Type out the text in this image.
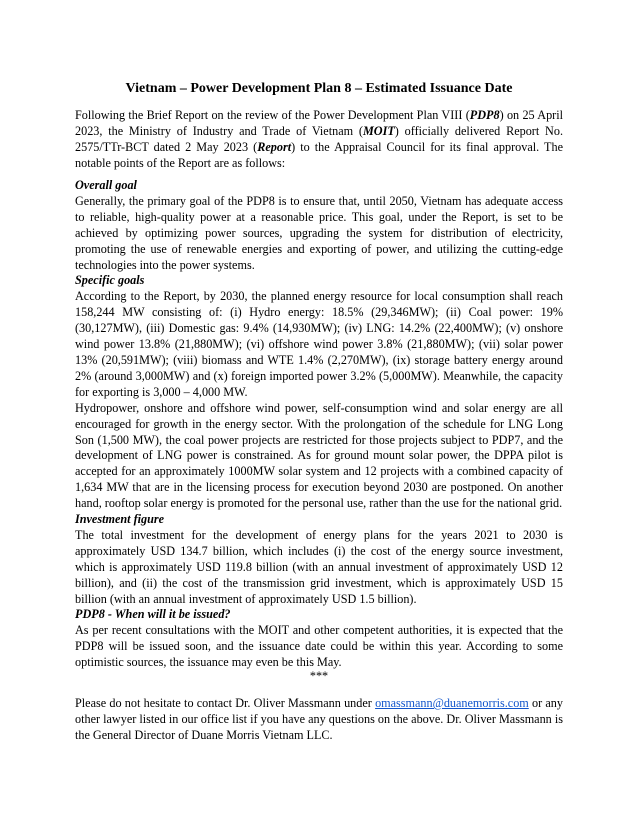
Vietnam – Power Development Plan 8 – Estimated Issuance Date

Following the Brief Report on the review of the Power Development Plan VIII (PDP8) on 25 April 2023, the Ministry of Industry and Trade of Vietnam (MOIT) officially delivered Report No. 2575/TTr-BCT dated 2 May 2023 (Report) to the Appraisal Council for its final approval. The notable points of the Report are as follows:

Overall goal

Generally, the primary goal of the PDP8 is to ensure that, until 2050, Vietnam has adequate access to reliable, high-quality power at a reasonable price. This goal, under the Report, is set to be achieved by optimizing power sources, upgrading the system for distribution of electricity, promoting the use of renewable energies and exporting of power, and utilizing the cutting-edge technologies into the power systems.

Specific goals

According to the Report, by 2030, the planned energy resource for local consumption shall reach 158,244 MW consisting of: (i) Hydro energy: 18.5% (29,346MW); (ii) Coal power: 19% (30,127MW), (iii) Domestic gas: 9.4% (14,930MW); (iv) LNG: 14.2% (22,400MW); (v) onshore wind power 13.8% (21,880MW); (vi) offshore wind power 3.8% (21,880MW); (vii) solar power 13% (20,591MW); (viii) biomass and WTE 1.4% (2,270MW), (ix) storage battery energy around 2% (around 3,000MW) and (x) foreign imported power 3.2% (5,000MW). Meanwhile, the capacity for exporting is 3,000 – 4,000 MW.

Hydropower, onshore and offshore wind power, self-consumption wind and solar energy are all encouraged for growth in the energy sector. With the prolongation of the schedule for LNG Long Son (1,500 MW), the coal power projects are restricted for those projects subject to PDP7, and the development of LNG power is constrained. As for ground mount solar power, the DPPA pilot is accepted for an approximately 1000MW solar system and 12 projects with a combined capacity of 1,634 MW that are in the licensing process for execution beyond 2030 are postponed. On another hand, rooftop solar energy is promoted for the personal use, rather than the use for the national grid.

Investment figure

The total investment for the development of energy plans for the years 2021 to 2030 is approximately USD 134.7 billion, which includes (i) the cost of the energy source investment, which is approximately USD 119.8 billion (with an annual investment of approximately USD 12 billion), and (ii) the cost of the transmission grid investment, which is approximately USD 15 billion (with an annual investment of approximately USD 1.5 billion).

PDP8 - When will it be issued?

As per recent consultations with the MOIT and other competent authorities, it is expected that the PDP8 will be issued soon, and the issuance date could be within this year. According to some optimistic sources, the issuance may even be this May.

***

Please do not hesitate to contact Dr. Oliver Massmann under omassmann@duanemorris.com or any other lawyer listed in our office list if you have any questions on the above. Dr. Oliver Massmann is the General Director of Duane Morris Vietnam LLC.
